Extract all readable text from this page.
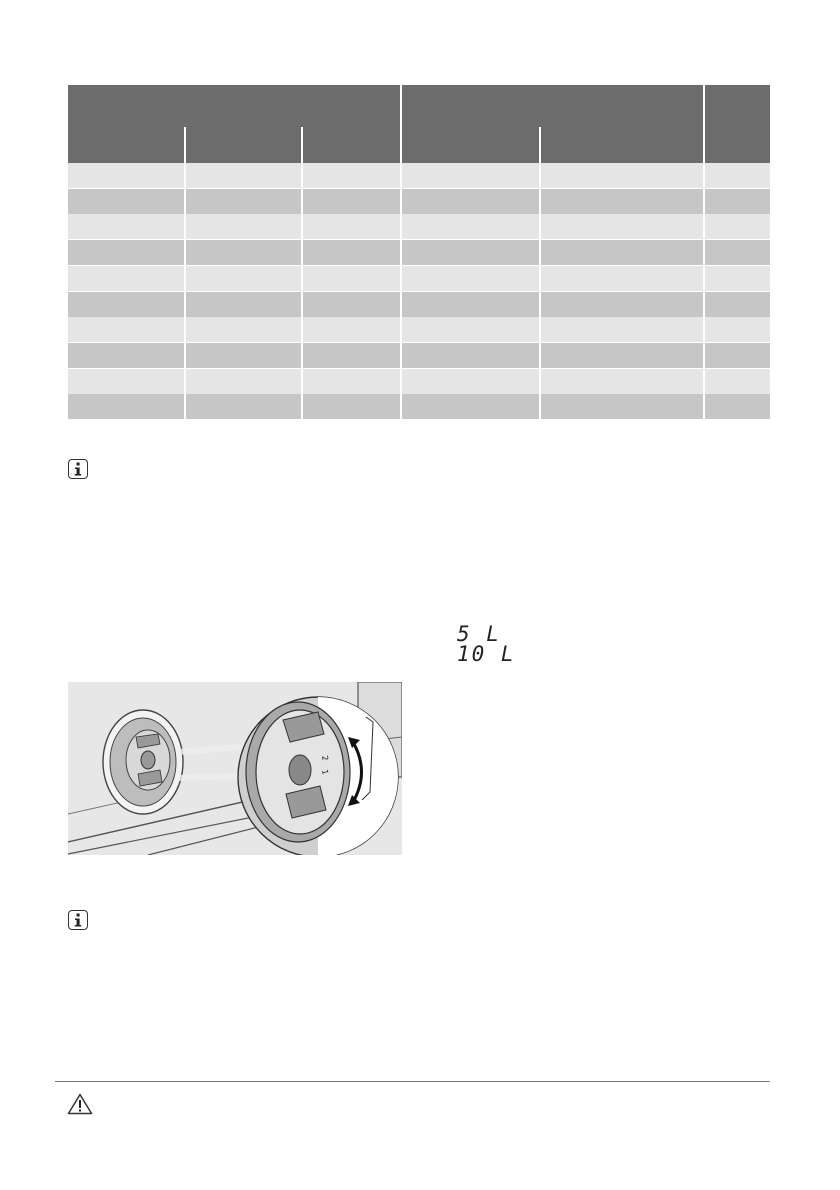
5 L
10 L
2
1
